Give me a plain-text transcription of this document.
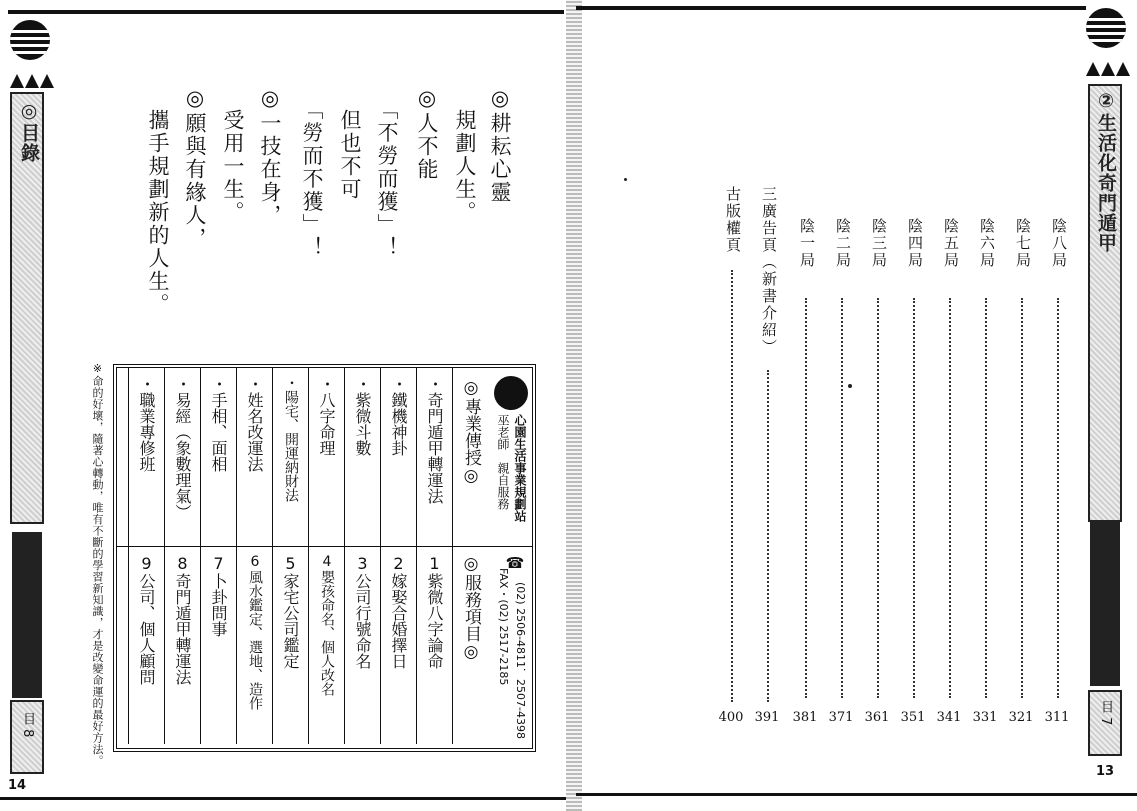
◎目錄
目 8
14
◎耕耘心靈
　規劃人生。
◎人不能
　「不勞而獲」！
　但也不可
　「勞而不獲」！
◎一技在身，
　受用一生。
◎願與有緣人，
　攜手規劃新的人生。
心園生活事業規劃站
巫老師　親自服務
☎
(02) 2506-4811．2507-4398
FAX・(02) 2517-2185
◎專業傳授◎
◎服務項目◎
・奇門遁甲轉運法
1紫微八字論命
・鐵機神卦
2嫁娶合婚擇日
・紫微斗數
3公司行號命名
・八字命理
4嬰孩命名、個人改名
・陽宅、開運納財法
5家宅公司鑑定
・姓名改運法
6風水鑑定、選地、造作
・手相、面相
7卜卦問事
・易經（象數理氣）
8奇門遁甲轉運法
・職業專修班
9公司、個人顧問
※命的好壞，隨著心轉動，唯有不斷的學習新知識，才是改變命運的最好方法。
②生活化奇門遁甲
目 7
13
陰八局
311
陰七局
321
陰六局
331
陰五局
341
陰四局
351
陰三局
361
陰二局
371
陰一局
381
三廣告頁（新書介紹）
391
古版權頁
400
